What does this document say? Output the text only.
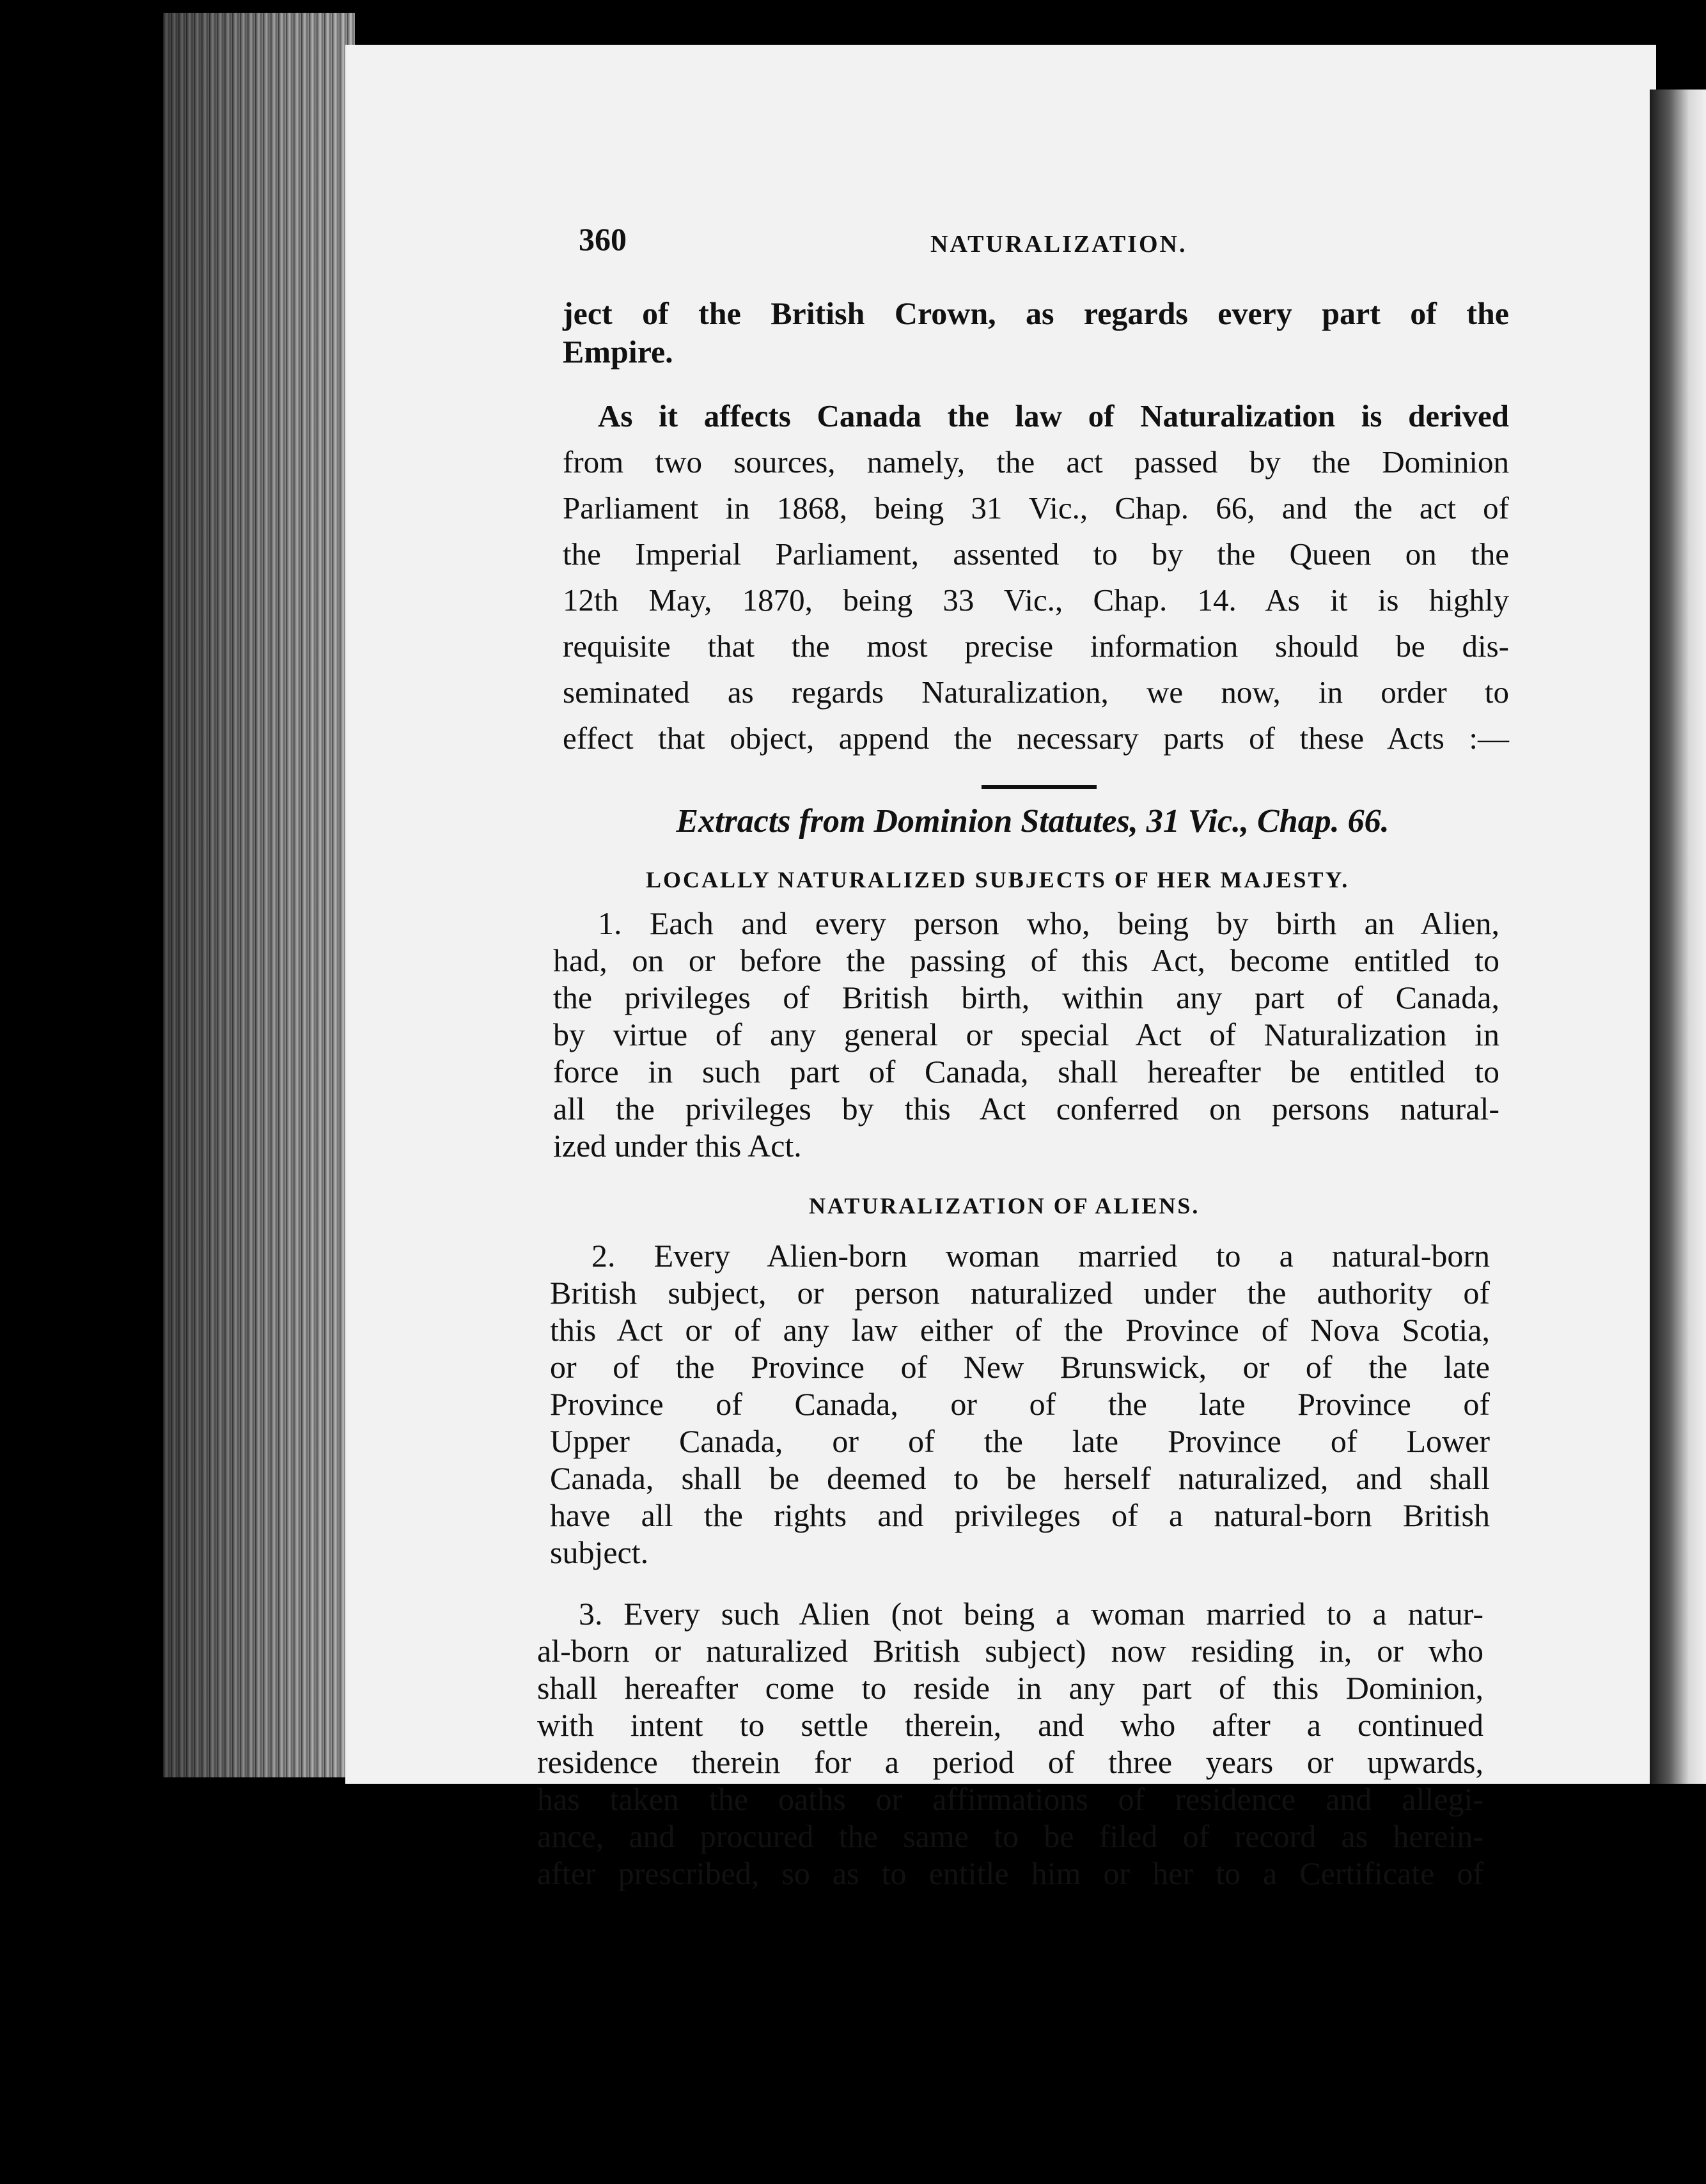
360	NATURALIZATION.
ject of the British Crown, as regards every part of the
Empire.
As it affects Canada the law of Naturalization is derived
from two sources, namely, the act passed by the Dominion
Parliament in 1868, being 31 Vic., Chap. 66, and the act of
the Imperial Parliament, assented to by the Queen on the
12th May, 1870, being 33 Vic., Chap. 14. As it is highly
requisite that the most precise information should be dis-
seminated as regards Naturalization, we now, in order to
effect that object, append the necessary parts of these Acts :—
Extracts from Dominion Statutes, 31 Vic., Chap. 66.
LOCALLY NATURALIZED SUBJECTS OF HER MAJESTY.
1. Each and every person who, being by birth an Alien,
had, on or before the passing of this Act, become entitled to
the privileges of British birth, within any part of Canada,
by virtue of any general or special Act of Naturalization in
force in such part of Canada, shall hereafter be entitled to
all the privileges by this Act conferred on persons natural-
ized under this Act.
NATURALIZATION OF ALIENS.
2. Every Alien-born woman married to a natural-born
British subject, or person naturalized under the authority of
this Act or of any law either of the Province of Nova Scotia,
or of the Province of New Brunswick, or of the late
Province of Canada, or of the late Province of
Upper Canada, or of the late Province of Lower
Canada, shall be deemed to be herself naturalized, and shall
have all the rights and privileges of a natural-born British
subject.
3. Every such Alien (not being a woman married to a natur-
al-born or naturalized British subject) now residing in, or who
shall hereafter come to reside in any part of this Dominion,
with intent to settle therein, and who after a continued
residence therein for a period of three years or upwards,
has taken the oaths or affirmations of residence and allegi-
ance, and procured the same to be filed of record as herein-
after prescribed, so as to entitle him or her to a Certificate of
